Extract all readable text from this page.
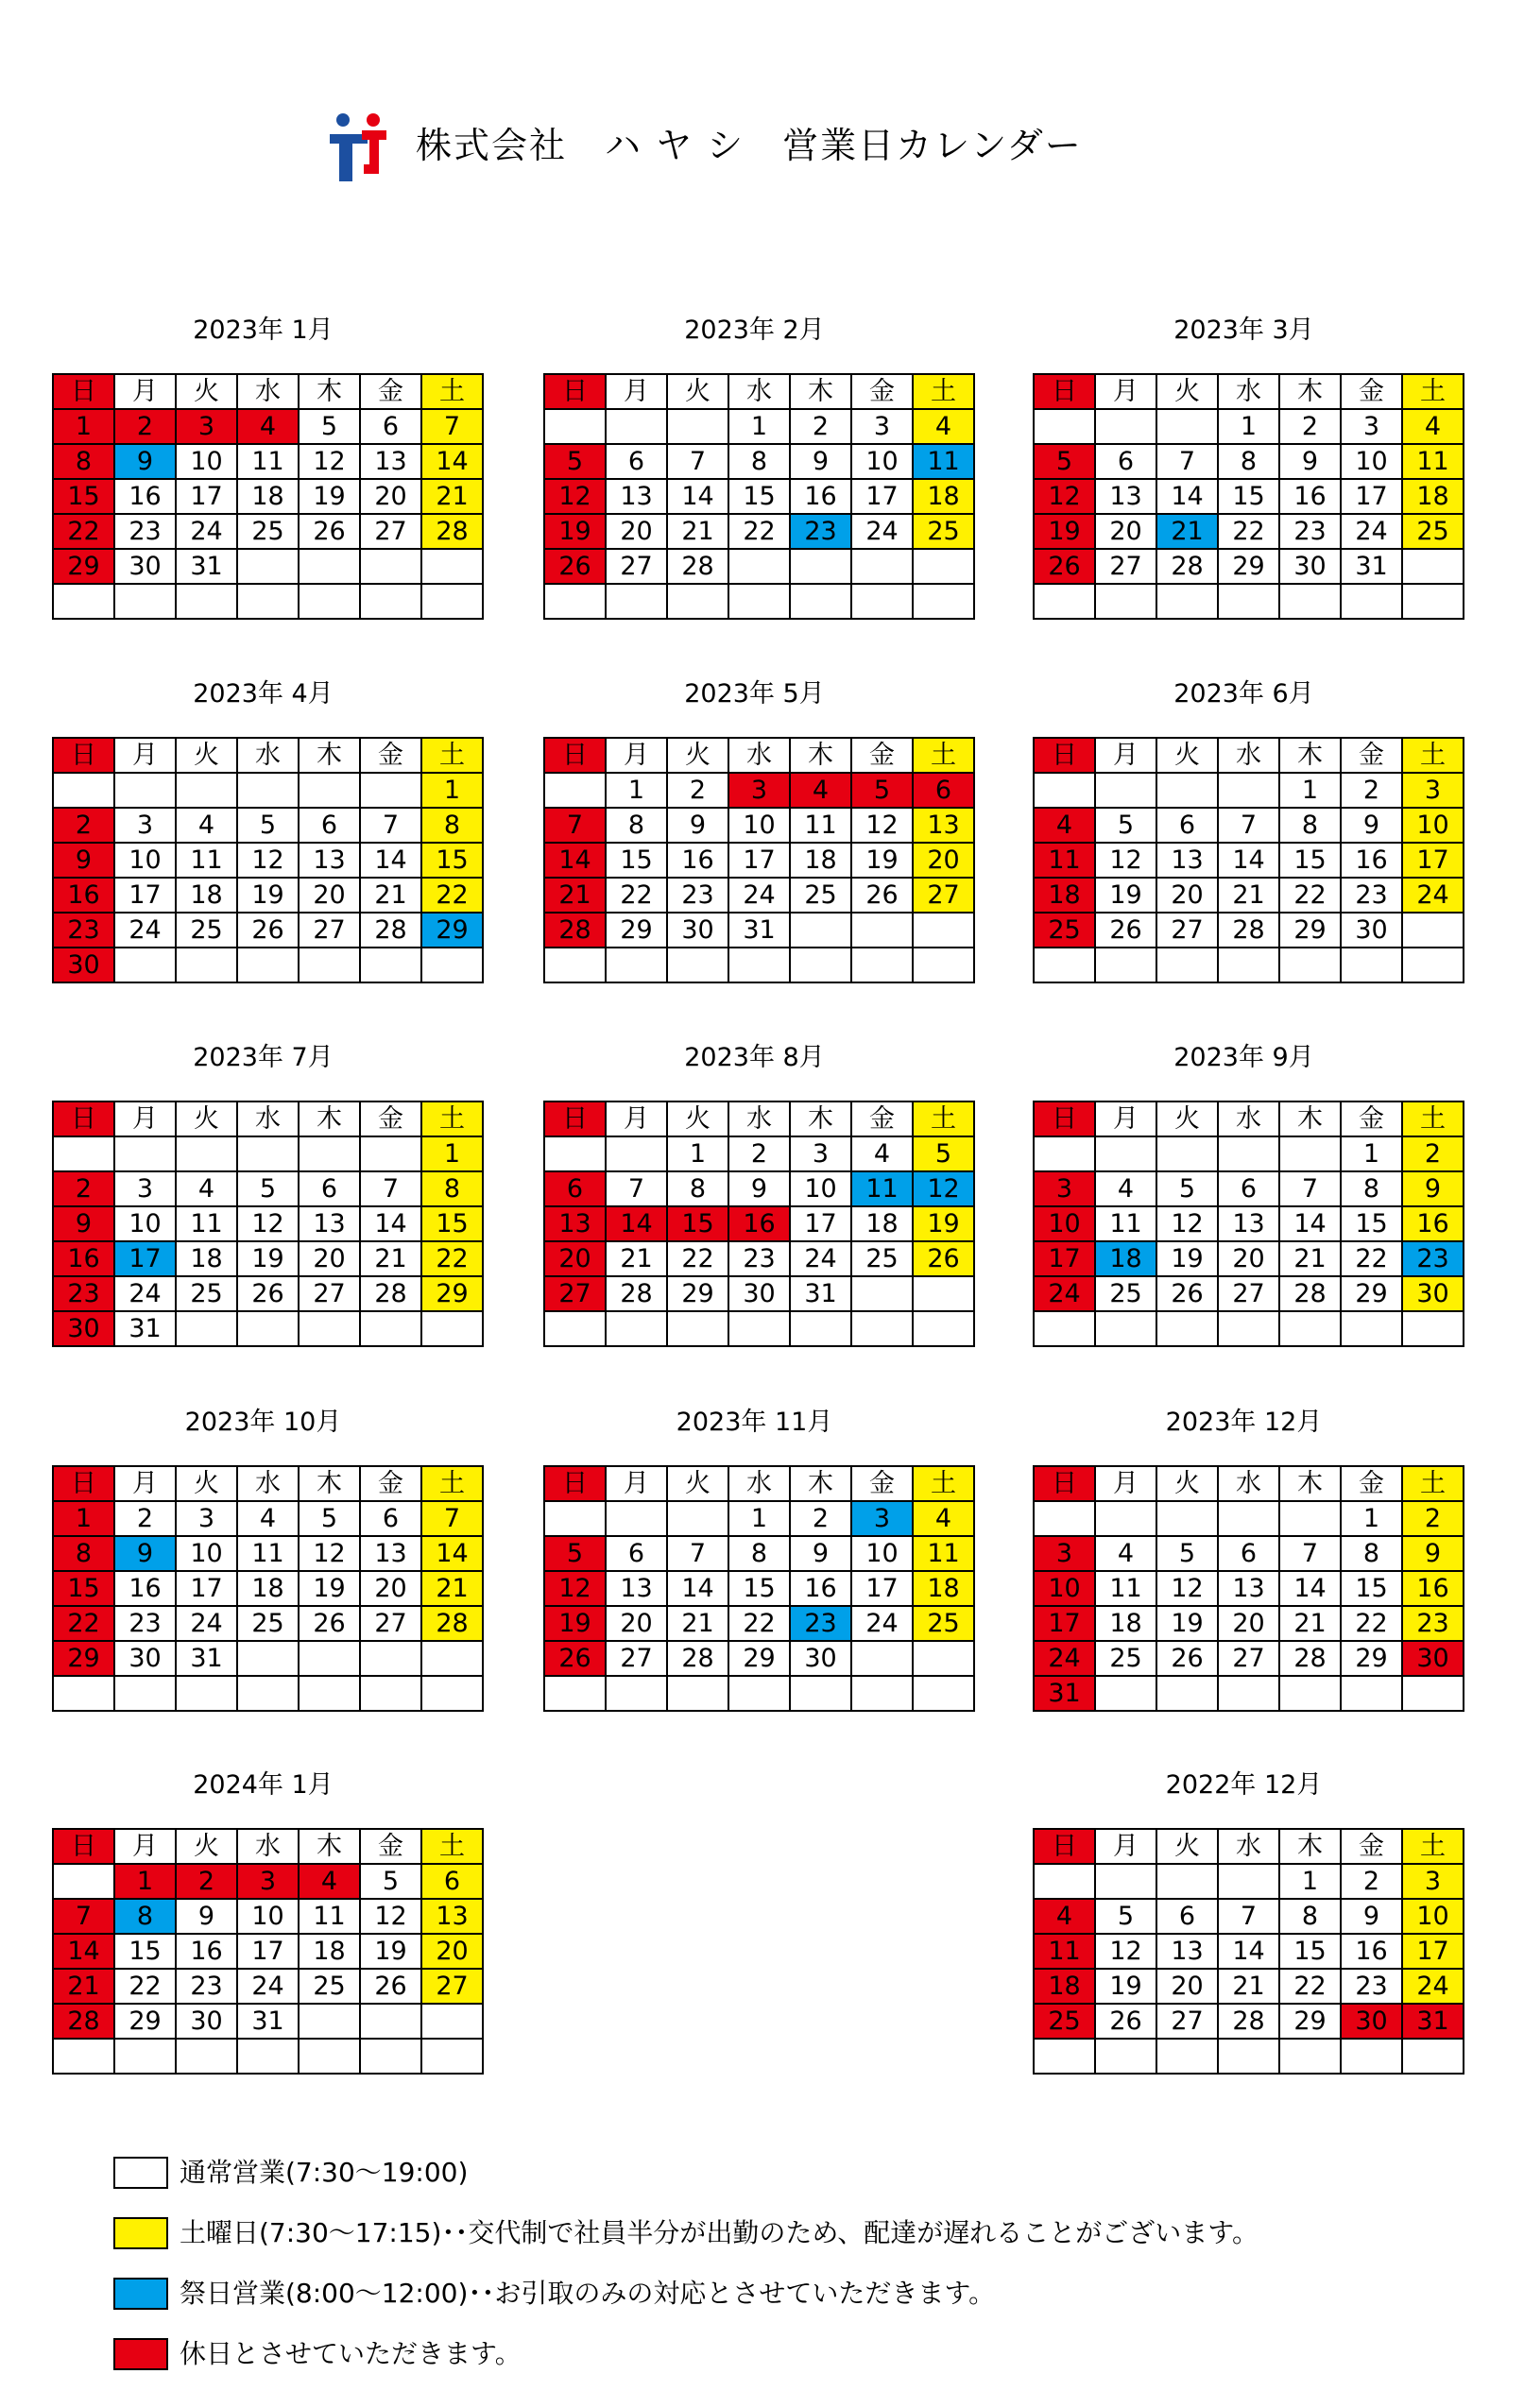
株式会社　ハ ヤ シ　営業日カレンダー
2023年 1月
日	月	火	水	木	金	土
1	2	3	4	5	6	7
8	9	10	11	12	13	14
15	16	17	18	19	20	21
22	23	24	25	26	27	28
29	30	31				

2023年 2月
日	月	火	水	木	金	土
			1	2	3	4
5	6	7	8	9	10	11
12	13	14	15	16	17	18
19	20	21	22	23	24	25
26	27	28				

2023年 3月
日	月	火	水	木	金	土
			1	2	3	4
5	6	7	8	9	10	11
12	13	14	15	16	17	18
19	20	21	22	23	24	25
26	27	28	29	30	31	

2023年 4月
日	月	火	水	木	金	土
						1
2	3	4	5	6	7	8
9	10	11	12	13	14	15
16	17	18	19	20	21	22
23	24	25	26	27	28	29
30						
2023年 5月
日	月	火	水	木	金	土
	1	2	3	4	5	6
7	8	9	10	11	12	13
14	15	16	17	18	19	20
21	22	23	24	25	26	27
28	29	30	31			

2023年 6月
日	月	火	水	木	金	土
				1	2	3
4	5	6	7	8	9	10
11	12	13	14	15	16	17
18	19	20	21	22	23	24
25	26	27	28	29	30	

2023年 7月
日	月	火	水	木	金	土
						1
2	3	4	5	6	7	8
9	10	11	12	13	14	15
16	17	18	19	20	21	22
23	24	25	26	27	28	29
30	31					
2023年 8月
日	月	火	水	木	金	土
		1	2	3	4	5
6	7	8	9	10	11	12
13	14	15	16	17	18	19
20	21	22	23	24	25	26
27	28	29	30	31		

2023年 9月
日	月	火	水	木	金	土
					1	2
3	4	5	6	7	8	9
10	11	12	13	14	15	16
17	18	19	20	21	22	23
24	25	26	27	28	29	30

2023年 10月
日	月	火	水	木	金	土
1	2	3	4	5	6	7
8	9	10	11	12	13	14
15	16	17	18	19	20	21
22	23	24	25	26	27	28
29	30	31				

2023年 11月
日	月	火	水	木	金	土
			1	2	3	4
5	6	7	8	9	10	11
12	13	14	15	16	17	18
19	20	21	22	23	24	25
26	27	28	29	30		

2023年 12月
日	月	火	水	木	金	土
					1	2
3	4	5	6	7	8	9
10	11	12	13	14	15	16
17	18	19	20	21	22	23
24	25	26	27	28	29	30
31						
2024年 1月
日	月	火	水	木	金	土
	1	2	3	4	5	6
7	8	9	10	11	12	13
14	15	16	17	18	19	20
21	22	23	24	25	26	27
28	29	30	31			

2022年 12月
日	月	火	水	木	金	土
				1	2	3
4	5	6	7	8	9	10
11	12	13	14	15	16	17
18	19	20	21	22	23	24
25	26	27	28	29	30	31

通常営業(7:30〜19:00)
土曜日(7:30〜17:15)･･交代制で社員半分が出勤のため、配達が遅れることがございます。
祭日営業(8:00〜12:00)･･お引取のみの対応とさせていただきます。
休日とさせていただきます。
